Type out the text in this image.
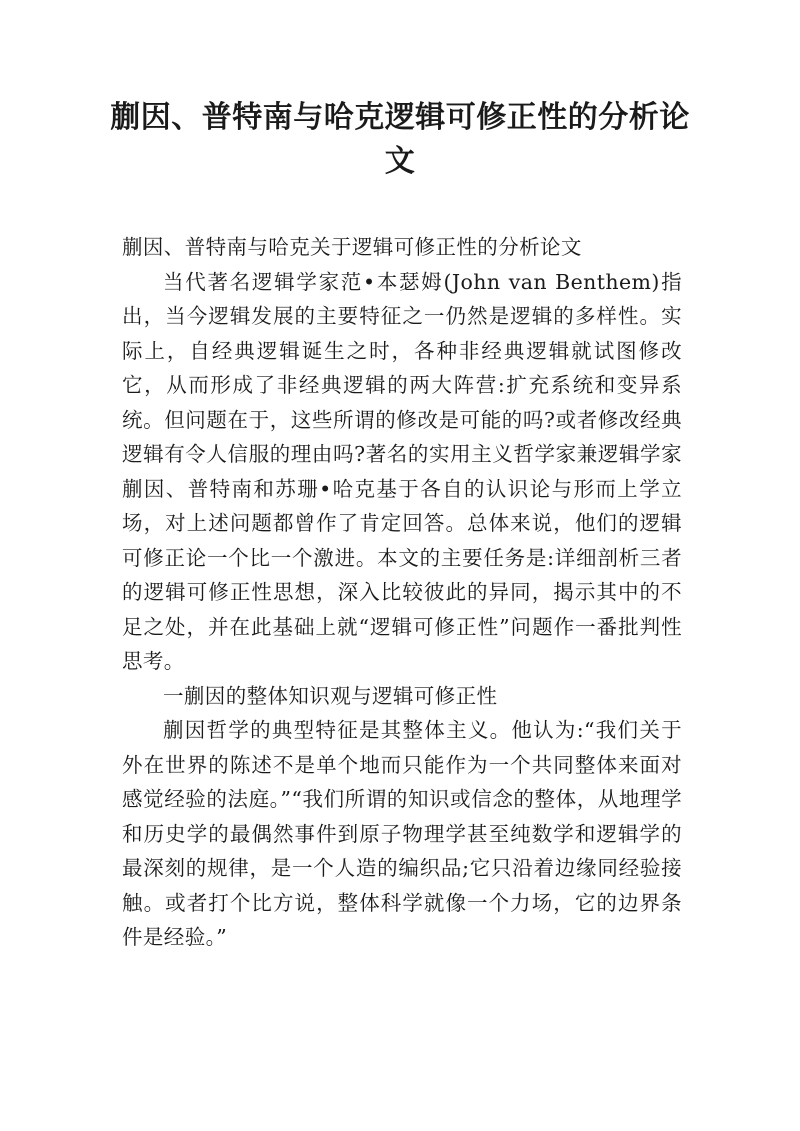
蒯因、普特南与哈克逻辑可修正性的分析论文

蒯因、普特南与哈克关于逻辑可修正性的分析论文

当代著名逻辑学家范•本瑟姆(John van Benthem)指出，当今逻辑发展的主要特征之一仍然是逻辑的多样性。实际上，自经典逻辑诞生之时，各种非经典逻辑就试图修改它，从而形成了非经典逻辑的两大阵营:扩充系统和变异系统。但问题在于，这些所谓的修改是可能的吗?或者修改经典逻辑有令人信服的理由吗?著名的实用主义哲学家兼逻辑学家蒯因、普特南和苏珊•哈克基于各自的认识论与形而上学立场，对上述问题都曾作了肯定回答。总体来说，他们的逻辑可修正论一个比一个激进。本文的主要任务是:详细剖析三者的逻辑可修正性思想，深入比较彼此的异同，揭示其中的不足之处，并在此基础上就“逻辑可修正性”问题作一番批判性思考。

一蒯因的整体知识观与逻辑可修正性

蒯因哲学的典型特征是其整体主义。他认为:“我们关于外在世界的陈述不是单个地而只能作为一个共同整体来面对感觉经验的法庭。”“我们所谓的知识或信念的整体，从地理学和历史学的最偶然事件到原子物理学甚至纯数学和逻辑学的最深刻的规律，是一个人造的编织品;它只沿着边缘同经验接触。或者打个比方说，整体科学就像一个力场，它的边界条件是经验。”
